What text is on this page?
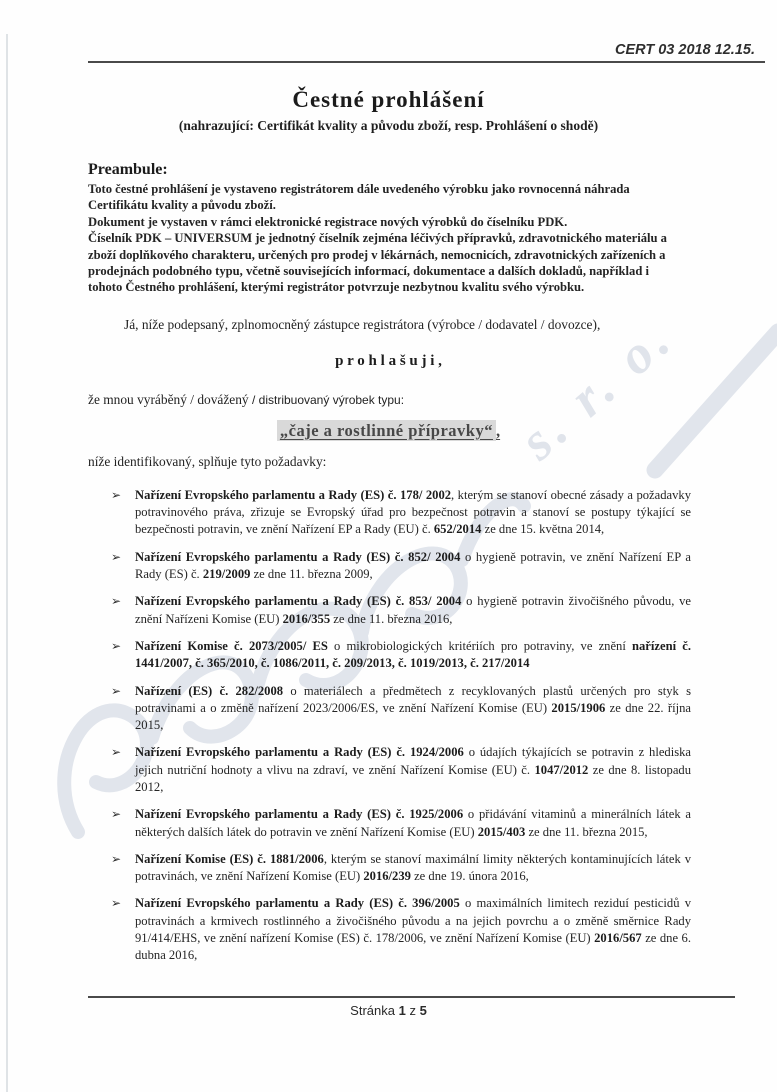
s. r. o.
CERT 03 2018 12.15.
Čestné prohlášení
(nahrazující: Certifikát kvality a původu zboží, resp. Prohlášení o shodě)
Preambule:

Toto čestné prohlášení je vystaveno registrátorem dále uvedeného výrobku jako rovnocenná náhrada Certifikátu kvality a původu zboží.

Dokument je vystaven v rámci elektronické registrace nových výrobků do číselníku PDK.

Číselník PDK – UNIVERSUM je jednotný číselník zejména léčivých přípravků, zdravotnického materiálu a zboží doplňkového charakteru, určených pro prodej v lékárnách, nemocnicích, zdravotnických zařízeních a prodejnách podobného typu, včetně souvisejících informací, dokumentace a dalších dokladů, například i tohoto Čestného prohlášení, kterými registrátor potvrzuje nezbytnou kvalitu svého výrobku.

Já, níže podepsaný, zplnomocněný zástupce registrátora (výrobce / dodavatel / dovozce),
p r o h l a š u j i ,
že mnou vyráběný / dovážený / distribuovaný výrobek typu:
„čaje a rostlinné přípravky“ ,
níže identifikovaný, splňuje tyto požadavky:
➢ Nařízení Evropského parlamentu a Rady (ES) č. 178/ 2002, kterým se stanoví obecné zásady a požadavky potravinového práva, zřizuje se Evropský úřad pro bezpečnost potravin a stanoví se postupy týkající se bezpečnosti potravin, ve znění Nařízení EP a Rady (EU) č. 652/2014 ze dne 15. května 2014,
➢ Nařízení Evropského parlamentu a Rady (ES) č. 852/ 2004 o hygieně potravin, ve znění Nařízení EP a Rady (ES) č. 219/2009 ze dne 11. března 2009,
➢ Nařízení Evropského parlamentu a Rady (ES) č. 853/ 2004 o hygieně potravin živočišného původu, ve znění Nařízeni Komise (EU) 2016/355 ze dne 11. března 2016,
➢ Nařízení Komise č. 2073/2005/ ES o mikrobiologických kritériích pro potraviny, ve znění nařízení č. 1441/2007, č. 365/2010, č. 1086/2011, č. 209/2013, č. 1019/2013, č. 217/2014
➢ Nařízení (ES) č. 282/2008 o materiálech a předmětech z recyklovaných plastů určených pro styk s potravinami a o změně nařízení 2023/2006/ES, ve znění Nařízení Komise (EU) 2015/1906 ze dne 22. října 2015,
➢ Nařízení Evropského parlamentu a Rady (ES) č. 1924/2006 o údajích týkajících se potravin z hlediska jejich nutriční hodnoty a vlivu na zdraví, ve znění Nařízení Komise (EU) č. 1047/2012 ze dne 8. listopadu 2012,
➢ Nařízení Evropského parlamentu a Rady (ES) č. 1925/2006 o přidávání vitaminů a minerálních látek a některých dalších látek do potravin ve znění Nařízení Komise (EU) 2015/403 ze dne 11. března 2015,
➢ Nařízení Komise (ES) č. 1881/2006, kterým se stanoví maximální limity některých kontaminujících látek v potravinách, ve znění Nařízení Komise (EU) 2016/239 ze dne 19. února 2016,
➢ Nařízení Evropského parlamentu a Rady (ES) č. 396/2005 o maximálních limitech reziduí pesticidů v potravinách a krmivech rostlinného a živočišného původu a na jejich povrchu a o změně směrnice Rady 91/414/EHS, ve znění nařízení Komise (ES) č. 178/2006, ve znění Nařízení Komise (EU) 2016/567 ze dne 6. dubna 2016,
Stránka 1 z 5
